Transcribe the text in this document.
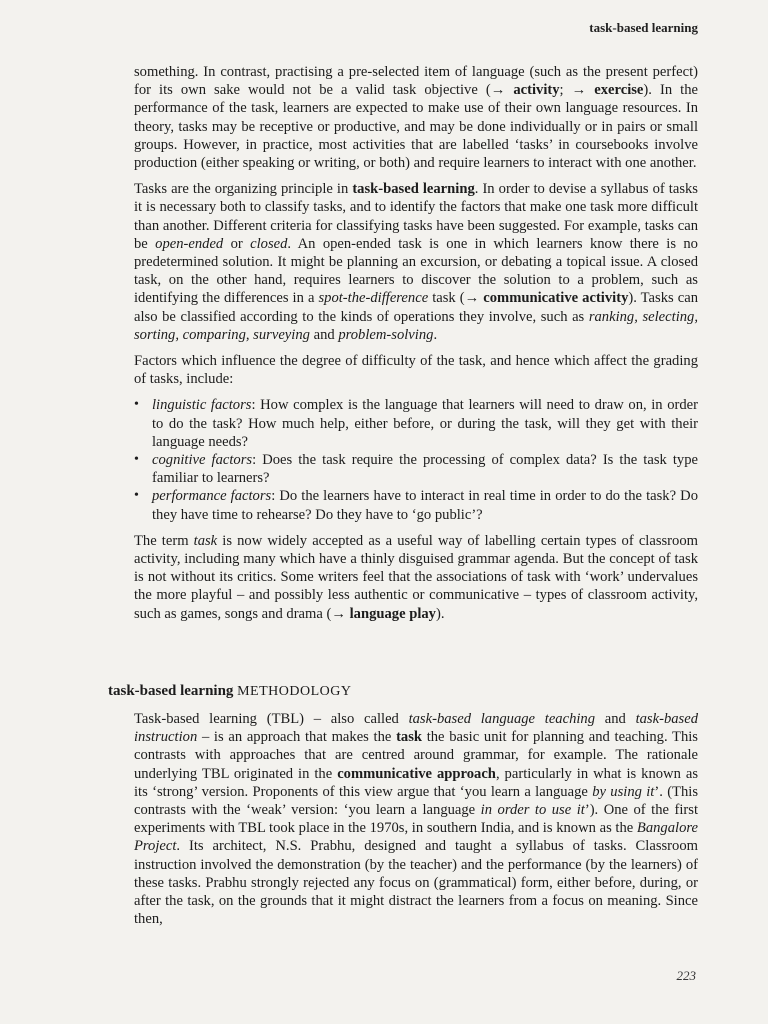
task-based learning

something. In contrast, practising a pre-selected item of language (such as the present perfect) for its own sake would not be a valid task objective (→ activity; → exercise). In the performance of the task, learners are expected to make use of their own language resources. In theory, tasks may be receptive or productive, and may be done individually or in pairs or small groups. However, in practice, most activities that are labelled ‘tasks’ in coursebooks involve production (either speaking or writing, or both) and require learners to interact with one another.

Tasks are the organizing principle in task-based learning. In order to devise a syllabus of tasks it is necessary both to classify tasks, and to identify the factors that make one task more difficult than another. Different criteria for classifying tasks have been suggested. For example, tasks can be open-ended or closed. An open-ended task is one in which learners know there is no predetermined solution. It might be planning an excursion, or debating a topical issue. A closed task, on the other hand, requires learners to discover the solution to a problem, such as identifying the differences in a spot-the-difference task (→ communicative activity). Tasks can also be classified according to the kinds of operations they involve, such as ranking, selecting, sorting, comparing, surveying and problem-solving.

Factors which influence the degree of difficulty of the task, and hence which affect the grading of tasks, include:

• linguistic factors: How complex is the language that learners will need to draw on, in order to do the task? How much help, either before, or during the task, will they get with their language needs?
• cognitive factors: Does the task require the processing of complex data? Is the task type familiar to learners?
• performance factors: Do the learners have to interact in real time in order to do the task? Do they have time to rehearse? Do they have to ‘go public’?

The term task is now widely accepted as a useful way of labelling certain types of classroom activity, including many which have a thinly disguised grammar agenda. But the concept of task is not without its critics. Some writers feel that the associations of task with ‘work’ undervalues the more playful – and possibly less authentic or communicative – types of classroom activity, such as games, songs and drama (→ language play).

task-based learning METHODOLOGY

Task-based learning (TBL) – also called task-based language teaching and task-based instruction – is an approach that makes the task the basic unit for planning and teaching. This contrasts with approaches that are centred around grammar, for example. The rationale underlying TBL originated in the communicative approach, particularly in what is known as its ‘strong’ version. Proponents of this view argue that ‘you learn a language by using it’. (This contrasts with the ‘weak’ version: ‘you learn a language in order to use it’). One of the first experiments with TBL took place in the 1970s, in southern India, and is known as the Bangalore Project. Its architect, N.S. Prabhu, designed and taught a syllabus of tasks. Classroom instruction involved the demonstration (by the teacher) and the performance (by the learners) of these tasks. Prabhu strongly rejected any focus on (grammatical) form, either before, during, or after the task, on the grounds that it might distract the learners from a focus on meaning. Since then,

223
